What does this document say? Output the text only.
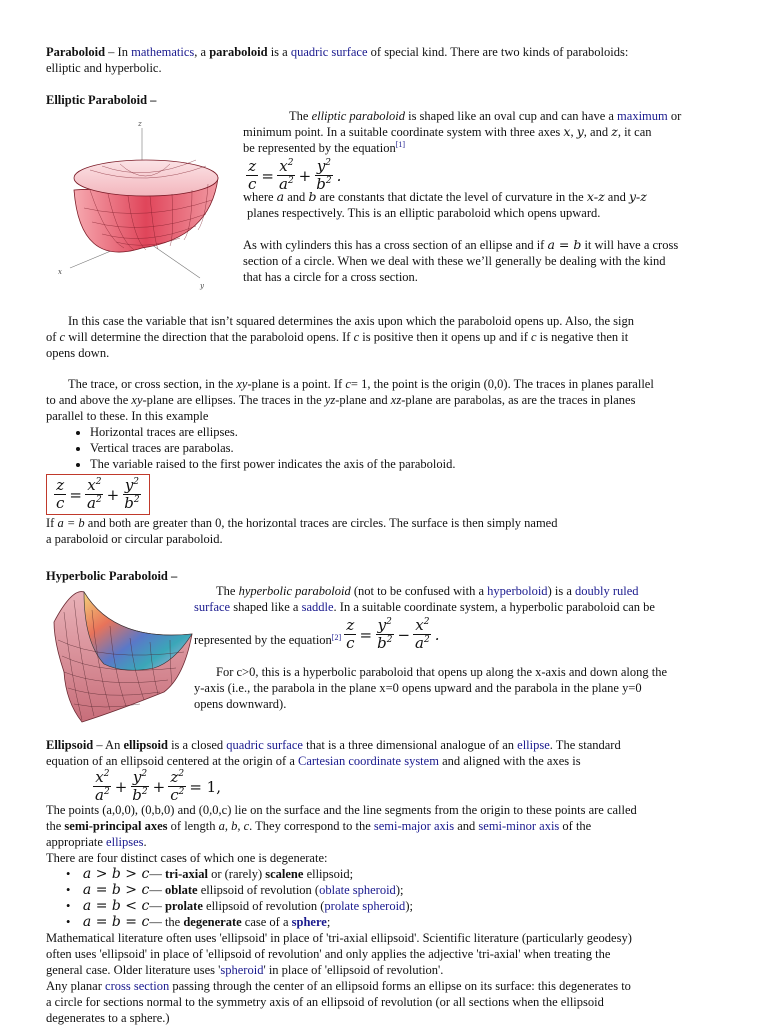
Paraboloid – In mathematics, a paraboloid is a quadric surface of special kind. There are two kinds of paraboloids:
elliptic and hyperbolic.

Elliptic Paraboloid –

z
x
y

The elliptic paraboloid is shaped like an oval cup and can have a maximum or

minimum point. In a suitable coordinate system with three axes x, y, and z, it can

be represented by the equation[1]

$\frac{z}{c} = \frac{x^2}{a^2} + \frac{y^2}{b^2}$ .

where a and b are constants that dictate the level of curvature in the x-z and y-z

planes respectively. This is an elliptic paraboloid which opens upward.

As with cylinders this has a cross section of an ellipse and if a = b it will have a cross
section of a circle. When we deal with these we’ll generally be dealing with the kind
that has a circle for a cross section.

In this case the variable that isn’t squared determines the axis upon which the paraboloid opens up. Also, the sign
of c will determine the direction that the paraboloid opens. If c is positive then it opens up and if c is negative then it
opens down.

The trace, or cross section, in the xy-plane is a point. If c= 1, the point is the origin (0,0). The traces in planes parallel
to and above the xy-plane are ellipses. The traces in the yz-plane and xz-plane are parabolas, as are the traces in planes
parallel to these. In this example

• Horizontal traces are ellipses.
• Vertical traces are parabolas.
• The variable raised to the first power indicates the axis of the paraboloid.
$\frac{z}{c} = \frac{x^2}{a^2} + \frac{y^2}{b^2}$

If a = b and both are greater than 0, the horizontal traces are circles. The surface is then simply named
a paraboloid or circular paraboloid.

Hyperbolic Paraboloid –

The hyperbolic paraboloid (not to be confused with a hyperboloid) is a doubly ruled

surface shaped like a saddle. In a suitable coordinate system, a hyperbolic paraboloid can be

represented by the equation $[2] \frac{z}{c} = \frac{y^2}{b^2} - \frac{x^2}{a^2}$ .

For c>0, this is a hyperbolic paraboloid that opens up along the x-axis and down along the

y-axis (i.e., the parabola in the plane x=0 opens upward and the parabola in the plane y=0

opens downward).

Ellipsoid – An ellipsoid is a closed quadric surface that is a three dimensional analogue of an ellipse. The standard
equation of an ellipsoid centered at the origin of a Cartesian coordinate system and aligned with the axes is

$\frac{x^2}{a^2} + \frac{y^2}{b^2} + \frac{z^2}{c^2} = 1$,

The points (a,0,0), (0,b,0) and (0,0,c) lie on the surface and the line segments from the origin to these points are called
the semi-principal axes of length a, b, c. They correspond to the semi-major axis and semi-minor axis of the
appropriate ellipses.
There are four distinct cases of which one is degenerate:

•    a > b > c— tri-axial or (rarely) scalene ellipsoid;
•    a = b > c— oblate ellipsoid of revolution (oblate spheroid);
•    a = b < c— prolate ellipsoid of revolution (prolate spheroid);
•    a = b = c— the degenerate case of a sphere;

Mathematical literature often uses 'ellipsoid' in place of 'tri-axial ellipsoid'. Scientific literature (particularly geodesy)
often uses 'ellipsoid' in place of 'ellipsoid of revolution' and only applies the adjective 'tri-axial' when treating the
general case. Older literature uses 'spheroid' in place of 'ellipsoid of revolution'.

Any planar cross section passing through the center of an ellipsoid forms an ellipse on its surface: this degenerates to
a circle for sections normal to the symmetry axis of an ellipsoid of revolution (or all sections when the ellipsoid
degenerates to a sphere.)
